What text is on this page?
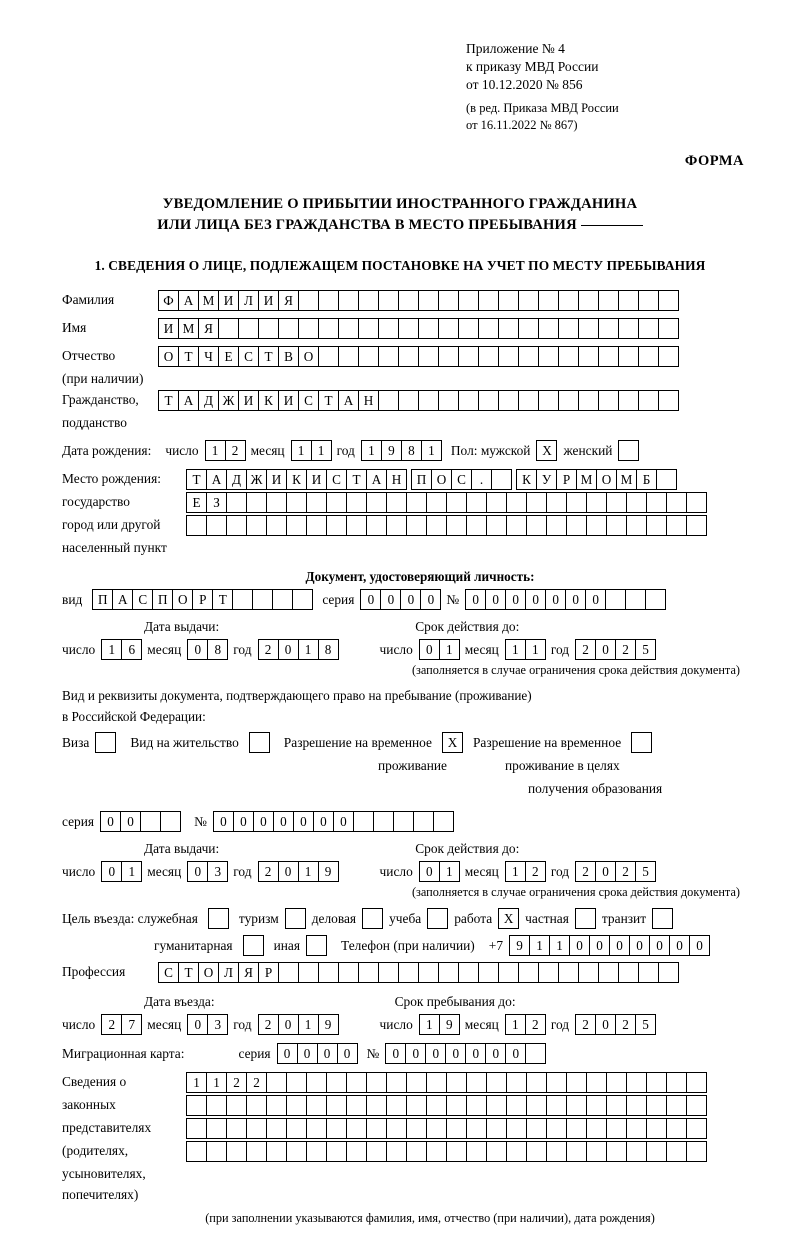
Приложение № 4
к приказу МВД России
от 10.12.2020 № 856
(в ред. Приказа МВД России
от 16.11.2022 № 867)
ФОРМА
УВЕДОМЛЕНИЕ О ПРИБЫТИИ ИНОСТРАННОГО ГРАЖДАНИНА
ИЛИ ЛИЦА БЕЗ ГРАЖДАНСТВА В МЕСТО ПРЕБЫВАНИЯ
1. СВЕДЕНИЯ О ЛИЦЕ, ПОДЛЕЖАЩЕМ ПОСТАНОВКЕ НА УЧЕТ ПО МЕСТУ ПРЕБЫВАНИЯ
Фамилия	Ф А М И Л И Я
Имя	И М Я
Отчество	О Т Ч Е С Т В О
(при наличии)
Гражданство,	Т А Д Ж И К И С Т А Н
подданство
Дата рождения: число	1	2 месяц	1	1 год	1	9	8	1	Пол: мужской X женский
Место рождения:	Т А Д Ж И К И С Т А Н	П О С	.	К У Р М О М Б
государство	Е З
город или другой
населенный пункт
Документ, удостоверяющий личность:
вид	П А С П О Р Т	серия	0	0	0	0 №	0	0	0	0	0	0	0
Дата выдачи:	Срок действия до:
число	1	6 месяц	0	8 год	2	0	1	8	число	0	1 месяц	1	1 год	2	0	2	5
(заполняется в случае ограничения срока действия документа)
Вид и реквизиты документа, подтверждающего право на пребывание (проживание)
в Российской Федерации:
Виза	Вид на жительство	Разрешение на временное	X	Разрешение на временное
проживание	проживание в целях
получения образования
серия	0	0	№	0	0	0	0	0	0	0
Дата выдачи:	Срок действия до:
число	0	1 месяц	0	3 год	2	0	1	9	число	0	1 месяц	1	2 год	2	0	2	5
(заполняется в случае ограничения срока действия документа)
Цель въезда: служебная	туризм деловая учеба работа X частная транзит
гуманитарная	иная	Телефон (при наличии) +7	9	1	1	0	0	0	0	0	0	0
Профессия	С Т О Л Я Р
Дата въезда:	Срок пребывания до:
число	2	7 месяц	0	3 год	2	0	1	9	число	1	9 месяц	1	2 год	2	0	2	5
Миграционная карта:	серия	0	0	0	0	№	0	0	0	0	0	0	0
Сведения о	1	1	2	2
законных
представителях
(родителях,
усыновителях,
попечителях)
(при заполнении указываются фамилия, имя, отчество (при наличии), дата рождения)
